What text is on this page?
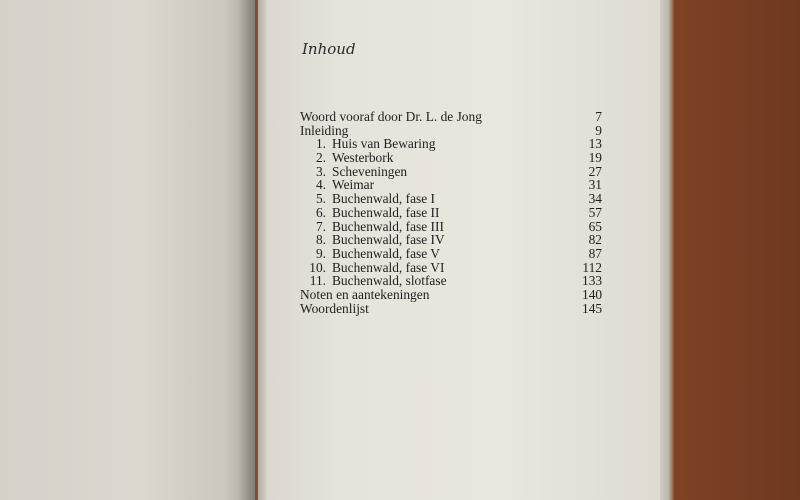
Inhoud
Woord vooraf door Dr. L. de Jong	7
Inleiding	9
1. Huis van Bewaring	13
2. Westerbork	19
3. Scheveningen	27
4. Weimar	31
5. Buchenwald, fase I	34
6. Buchenwald, fase II	57
7. Buchenwald, fase III	65
8. Buchenwald, fase IV	82
9. Buchenwald, fase V	87
10. Buchenwald, fase VI	112
11. Buchenwald, slotfase	133
Noten en aantekeningen	140
Woordenlijst	145
